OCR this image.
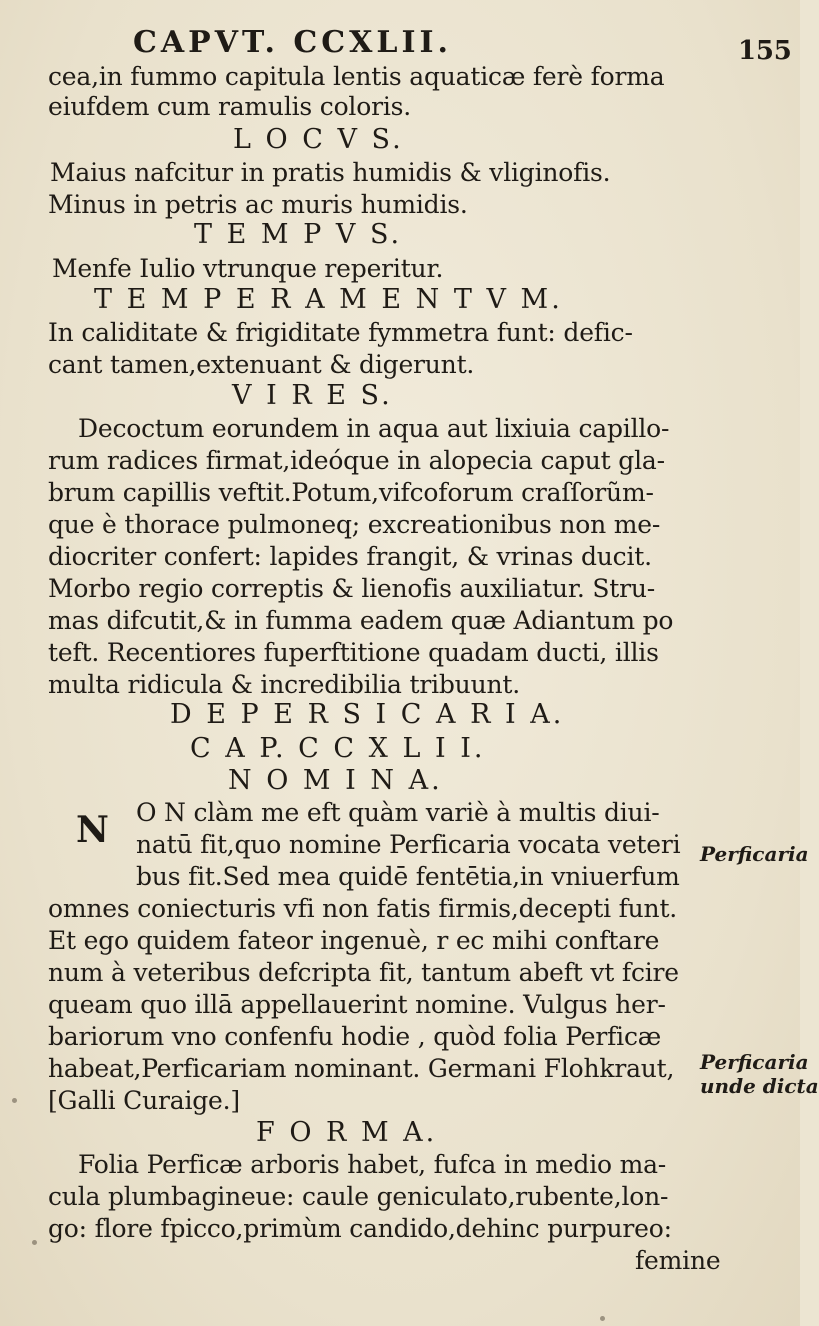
CAPVT. CCXLII.	155
cea,in fummo capitula lentis aquaticæ ferè forma
eiufdem cum ramulis coloris.
L O C V S.
Maius nafcitur in pratis humidis & vliginofis.
Minus in petris ac muris humidis.
T E M P V S.
Menfe Iulio vtrunque reperitur.
T E M P E R A M E N T V M.
In caliditate & frigiditate fymmetra funt: defic-
cant tamen,extenuant & digerunt.
V I R E S.
Decoctum eorundem in aqua aut lixiuia capillo-
rum radices firmat,ideóque in alopecia caput gla-
brum capillis veftit.Potum,vifcoforum craſſorũm-
que è thorace pulmoneq; excreationibus non me-
diocriter confert: lapides frangit, & vrinas ducit.
Morbo regio correptis & lienofis auxiliatur. Stru-
mas difcutit,& in fumma eadem quæ Adiantum po
teft. Recentiores fuperftitione quadam ducti, illis
multa ridicula & incredibilia tribuunt.
D E P E R S I C A R I A.
C A P. C C X L I I.
N O M I N A.
N O N clàm me eft quàm variè à multis diui-
natū fit,quo nomine Perficaria vocata veteri
bus fit.Sed mea quidē fentētia,in vniuerfum
omnes coniecturis vfi non fatis firmis,decepti funt.
Et ego quidem fateor ingenuè, r ec mihi conftare
num à veteribus defcripta fit, tantum abeft vt fcire
queam quo illā appellauerint nomine. Vulgus her-
bariorum vno confenfu hodie , quòd folia Perficæ
habeat,Perficariam nominant. Germani Flohkraut,
[Galli Curaige.]
F O R M A.
Folia Perficæ arboris habet, fufca in medio ma-
cula plumbagineue: caule geniculato,rubente,lon-
go: flore fpicco,primùm candido,dehinc purpureo:
femine
Perficaria
Perficaria
unde dicta
